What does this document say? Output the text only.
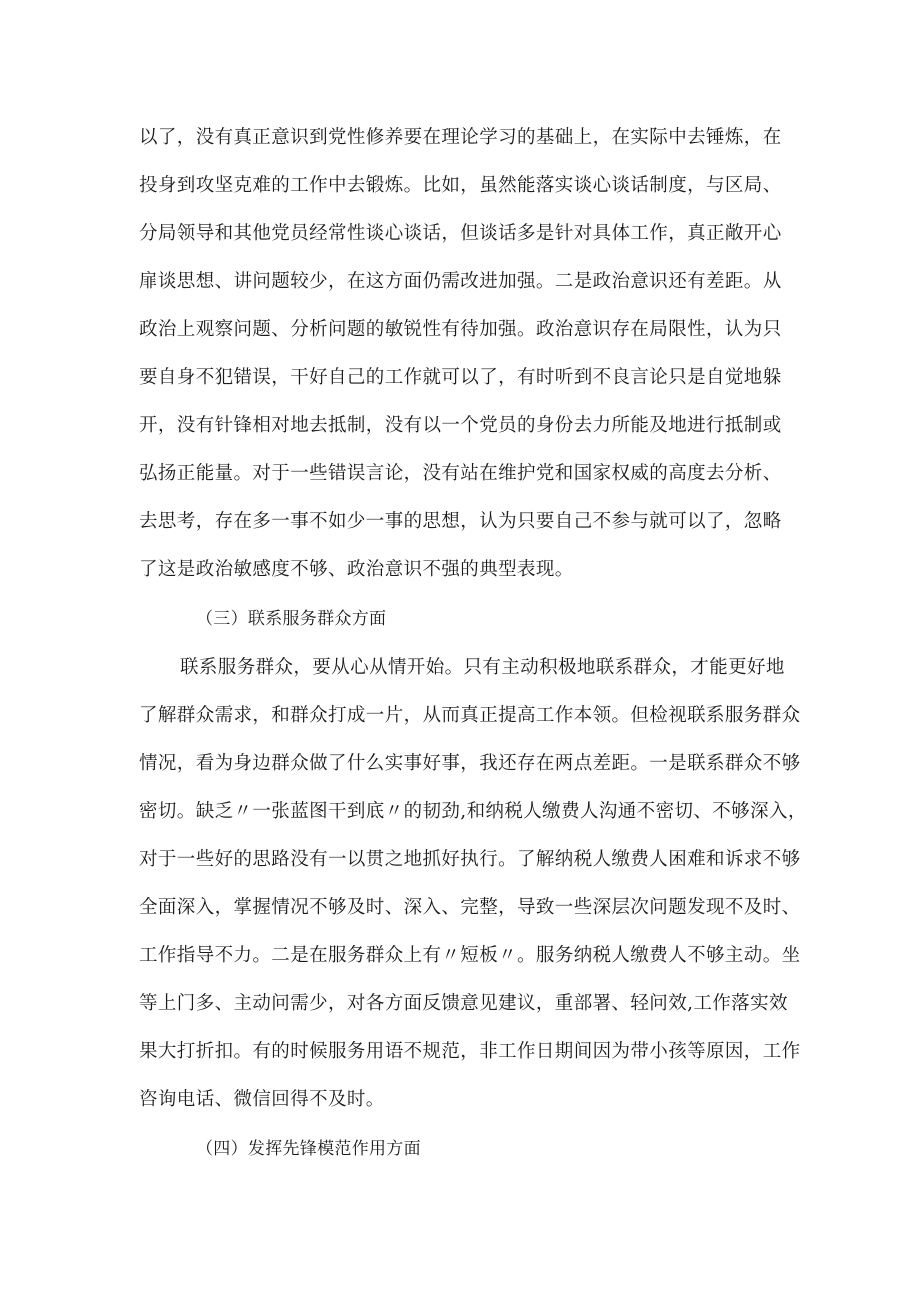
以了，没有真正意识到党性修养要在理论学习的基础上，在实际中去锤炼，在
投身到攻坚克难的工作中去锻炼。比如，虽然能落实谈心谈话制度，与区局、
分局领导和其他党员经常性谈心谈话，但谈话多是针对具体工作，真正敞开心
扉谈思想、讲问题较少，在这方面仍需改进加强。二是政治意识还有差距。从
政治上观察问题、分析问题的敏锐性有待加强。政治意识存在局限性，认为只
要自身不犯错误，干好自己的工作就可以了，有时听到不良言论只是自觉地躲
开，没有针锋相对地去抵制，没有以一个党员的身份去力所能及地进行抵制或
弘扬正能量。对于一些错误言论，没有站在维护党和国家权威的高度去分析、
去思考，存在多一事不如少一事的思想，认为只要自己不参与就可以了，忽略
了这是政治敏感度不够、政治意识不强的典型表现。
（三）联系服务群众方面
联系服务群众，要从心从情开始。只有主动积极地联系群众，才能更好地
了解群众需求，和群众打成一片，从而真正提高工作本领。但检视联系服务群众
情况，看为身边群众做了什么实事好事，我还存在两点差距。一是联系群众不够
密切。缺乏〃一张蓝图干到底〃的韧劲,和纳税人缴费人沟通不密切、不够深入，
对于一些好的思路没有一以贯之地抓好执行。了解纳税人缴费人困难和诉求不够
全面深入，掌握情况不够及时、深入、完整，导致一些深层次问题发现不及时、
工作指导不力。二是在服务群众上有〃短板〃。服务纳税人缴费人不够主动。坐
等上门多、主动问需少，对各方面反馈意见建议，重部署、轻问效,工作落实效
果大打折扣。有的时候服务用语不规范，非工作日期间因为带小孩等原因，工作
咨询电话、微信回得不及时。
（四）发挥先锋模范作用方面
